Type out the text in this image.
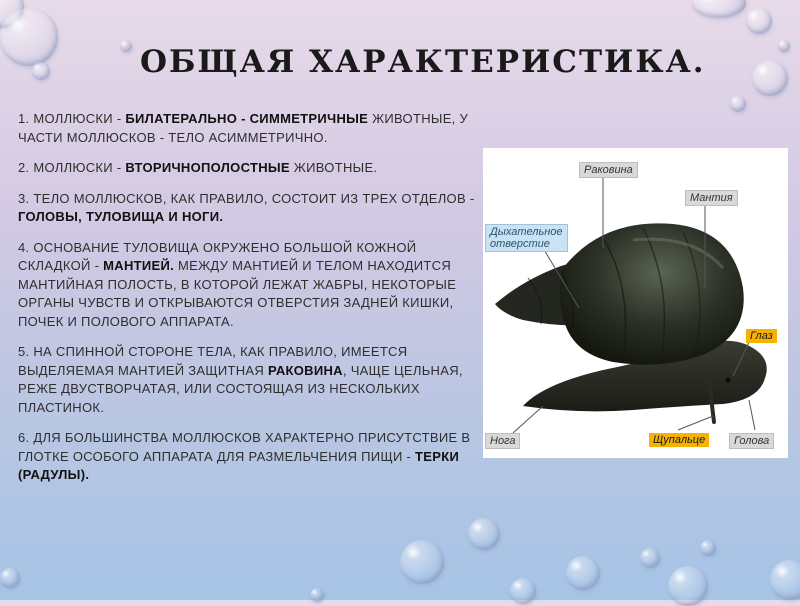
ОБЩАЯ ХАРАКТЕРИСТИКА.

1. МОЛЛЮСКИ - БИЛАТЕРАЛЬНО - СИММЕТРИЧНЫЕ ЖИВОТНЫЕ, У ЧАСТИ МОЛЛЮСКОВ - ТЕЛО АСИММЕТРИЧНО.

2. МОЛЛЮСКИ - ВТОРИЧНОПОЛОСТНЫЕ ЖИВОТНЫЕ.

3. ТЕЛО МОЛЛЮСКОВ, КАК ПРАВИЛО, СОСТОИТ ИЗ ТРЕХ ОТДЕЛОВ - ГОЛОВЫ, ТУЛОВИЩА И НОГИ.

4. ОСНОВАНИЕ ТУЛОВИЩА ОКРУЖЕНО БОЛЬШОЙ КОЖНОЙ СКЛАДКОЙ - МАНТИЕЙ. МЕЖДУ МАНТИЕЙ И ТЕЛОМ НАХОДИТСЯ МАНТИЙНАЯ ПОЛОСТЬ, В КОТОРОЙ ЛЕЖАТ ЖАБРЫ, НЕКОТОРЫЕ ОРГАНЫ ЧУВСТВ И ОТКРЫВАЮТСЯ ОТВЕРСТИЯ ЗАДНЕЙ КИШКИ, ПОЧЕК И ПОЛОВОГО АППАРАТА.

5. НА СПИННОЙ СТОРОНЕ ТЕЛА, КАК ПРАВИЛО, ИМЕЕТСЯ ВЫДЕЛЯЕМАЯ МАНТИЕЙ ЗАЩИТНАЯ РАКОВИНА, ЧАЩЕ ЦЕЛЬНАЯ, РЕЖЕ ДВУСТВОРЧАТАЯ, ИЛИ СОСТОЯЩАЯ ИЗ НЕСКОЛЬКИХ ПЛАСТИНОК.

6. ДЛЯ БОЛЬШИНСТВА МОЛЛЮСКОВ ХАРАКТЕРНО ПРИСУТСТВИЕ В ГЛОТКЕ ОСОБОГО АППАРАТА ДЛЯ РАЗМЕЛЬЧЕНИЯ ПИЩИ - ТЕРКИ (РАДУЛЫ).

Раковина
Мантия
Дыхательное
отверстие
Глаз
Нога	Щупальце	Голова
